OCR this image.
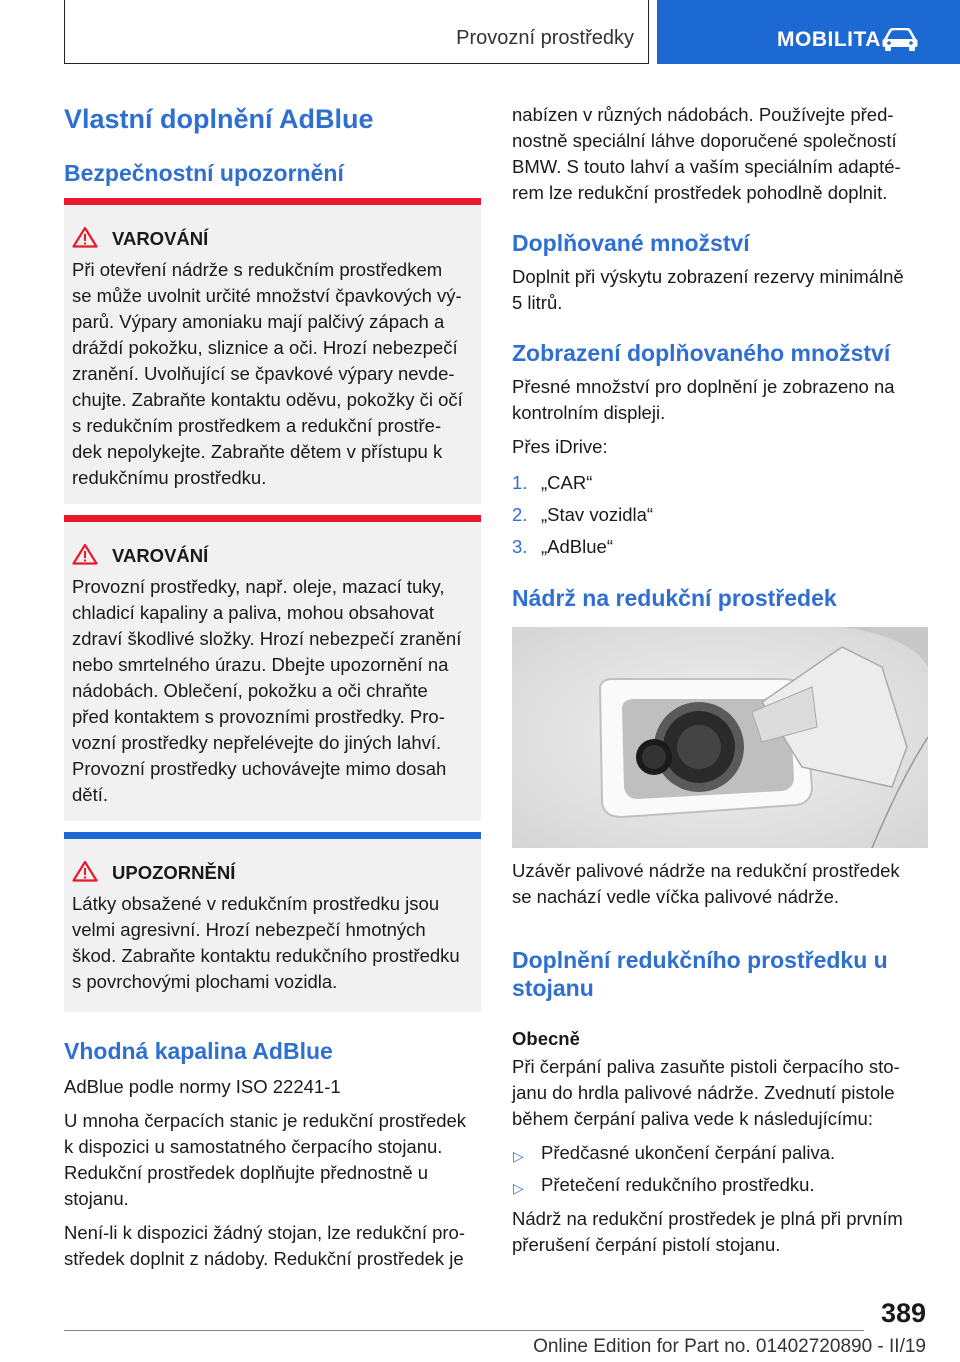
Provozní prostředky	MOBILITA
Vlastní doplnění AdBlue
Bezpečnostní upozornění
VAROVÁNÍ
Při otevření nádrže s redukčním prostředkem
se může uvolnit určité množství čpavkových vý-
parů. Výpary amoniaku mají palčivý zápach a
dráždí pokožku, sliznice a oči. Hrozí nebezpečí
zranění. Uvolňující se čpavkové výpary nevde-
chujte. Zabraňte kontaktu oděvu, pokožky či očí
s redukčním prostředkem a redukční prostře-
dek nepolykejte. Zabraňte dětem v přístupu k
redukčnímu prostředku.
VAROVÁNÍ
Provozní prostředky, např. oleje, mazací tuky,
chladicí kapaliny a paliva, mohou obsahovat
zdraví škodlivé složky. Hrozí nebezpečí zranění
nebo smrtelného úrazu. Dbejte upozornění na
nádobách. Oblečení, pokožku a oči chraňte
před kontaktem s provozními prostředky. Pro-
vozní prostředky nepřelévejte do jiných lahví.
Provozní prostředky uchovávejte mimo dosah
dětí.
UPOZORNĚNÍ
Látky obsažené v redukčním prostředku jsou
velmi agresivní. Hrozí nebezpečí hmotných
škod. Zabraňte kontaktu redukčního prostředku
s povrchovými plochami vozidla.
Vhodná kapalina AdBlue
AdBlue podle normy ISO 22241-1
U mnoha čerpacích stanic je redukční prostředek
k dispozici u samostatného čerpacího stojanu.
Redukční prostředek doplňujte přednostně u
stojanu.
Není-li k dispozici žádný stojan, lze redukční pro-
středek doplnit z nádoby. Redukční prostředek je
nabízen v různých nádobách. Používejte před-
nostně speciální láhve doporučené společností
BMW. S touto lahví a vaším speciálním adapté-
rem lze redukční prostředek pohodlně doplnit.
Doplňované množství
Doplnit při výskytu zobrazení rezervy minimálně
5 litrů.
Zobrazení doplňovaného množství
Přesné množství pro doplnění je zobrazeno na
kontrolním displeji.
Přes iDrive:
1. „CAR“
2. „Stav vozidla“
3. „AdBlue“
Nádrž na redukční prostředek
Uzávěr palivové nádrže na redukční prostředek
se nachází vedle víčka palivové nádrže.
Doplnění redukčního prostředku u
stojanu
Obecně
Při čerpání paliva zasuňte pistoli čerpacího sto-
janu do hrdla palivové nádrže. Zvednutí pistole
během čerpání paliva vede k následujícímu:
▷ Předčasné ukončení čerpání paliva.
▷ Přetečení redukčního prostředku.
Nádrž na redukční prostředek je plná při prvním
přerušení čerpání pistolí stojanu.
389
Online Edition for Part no. 01402720890 - II/19
